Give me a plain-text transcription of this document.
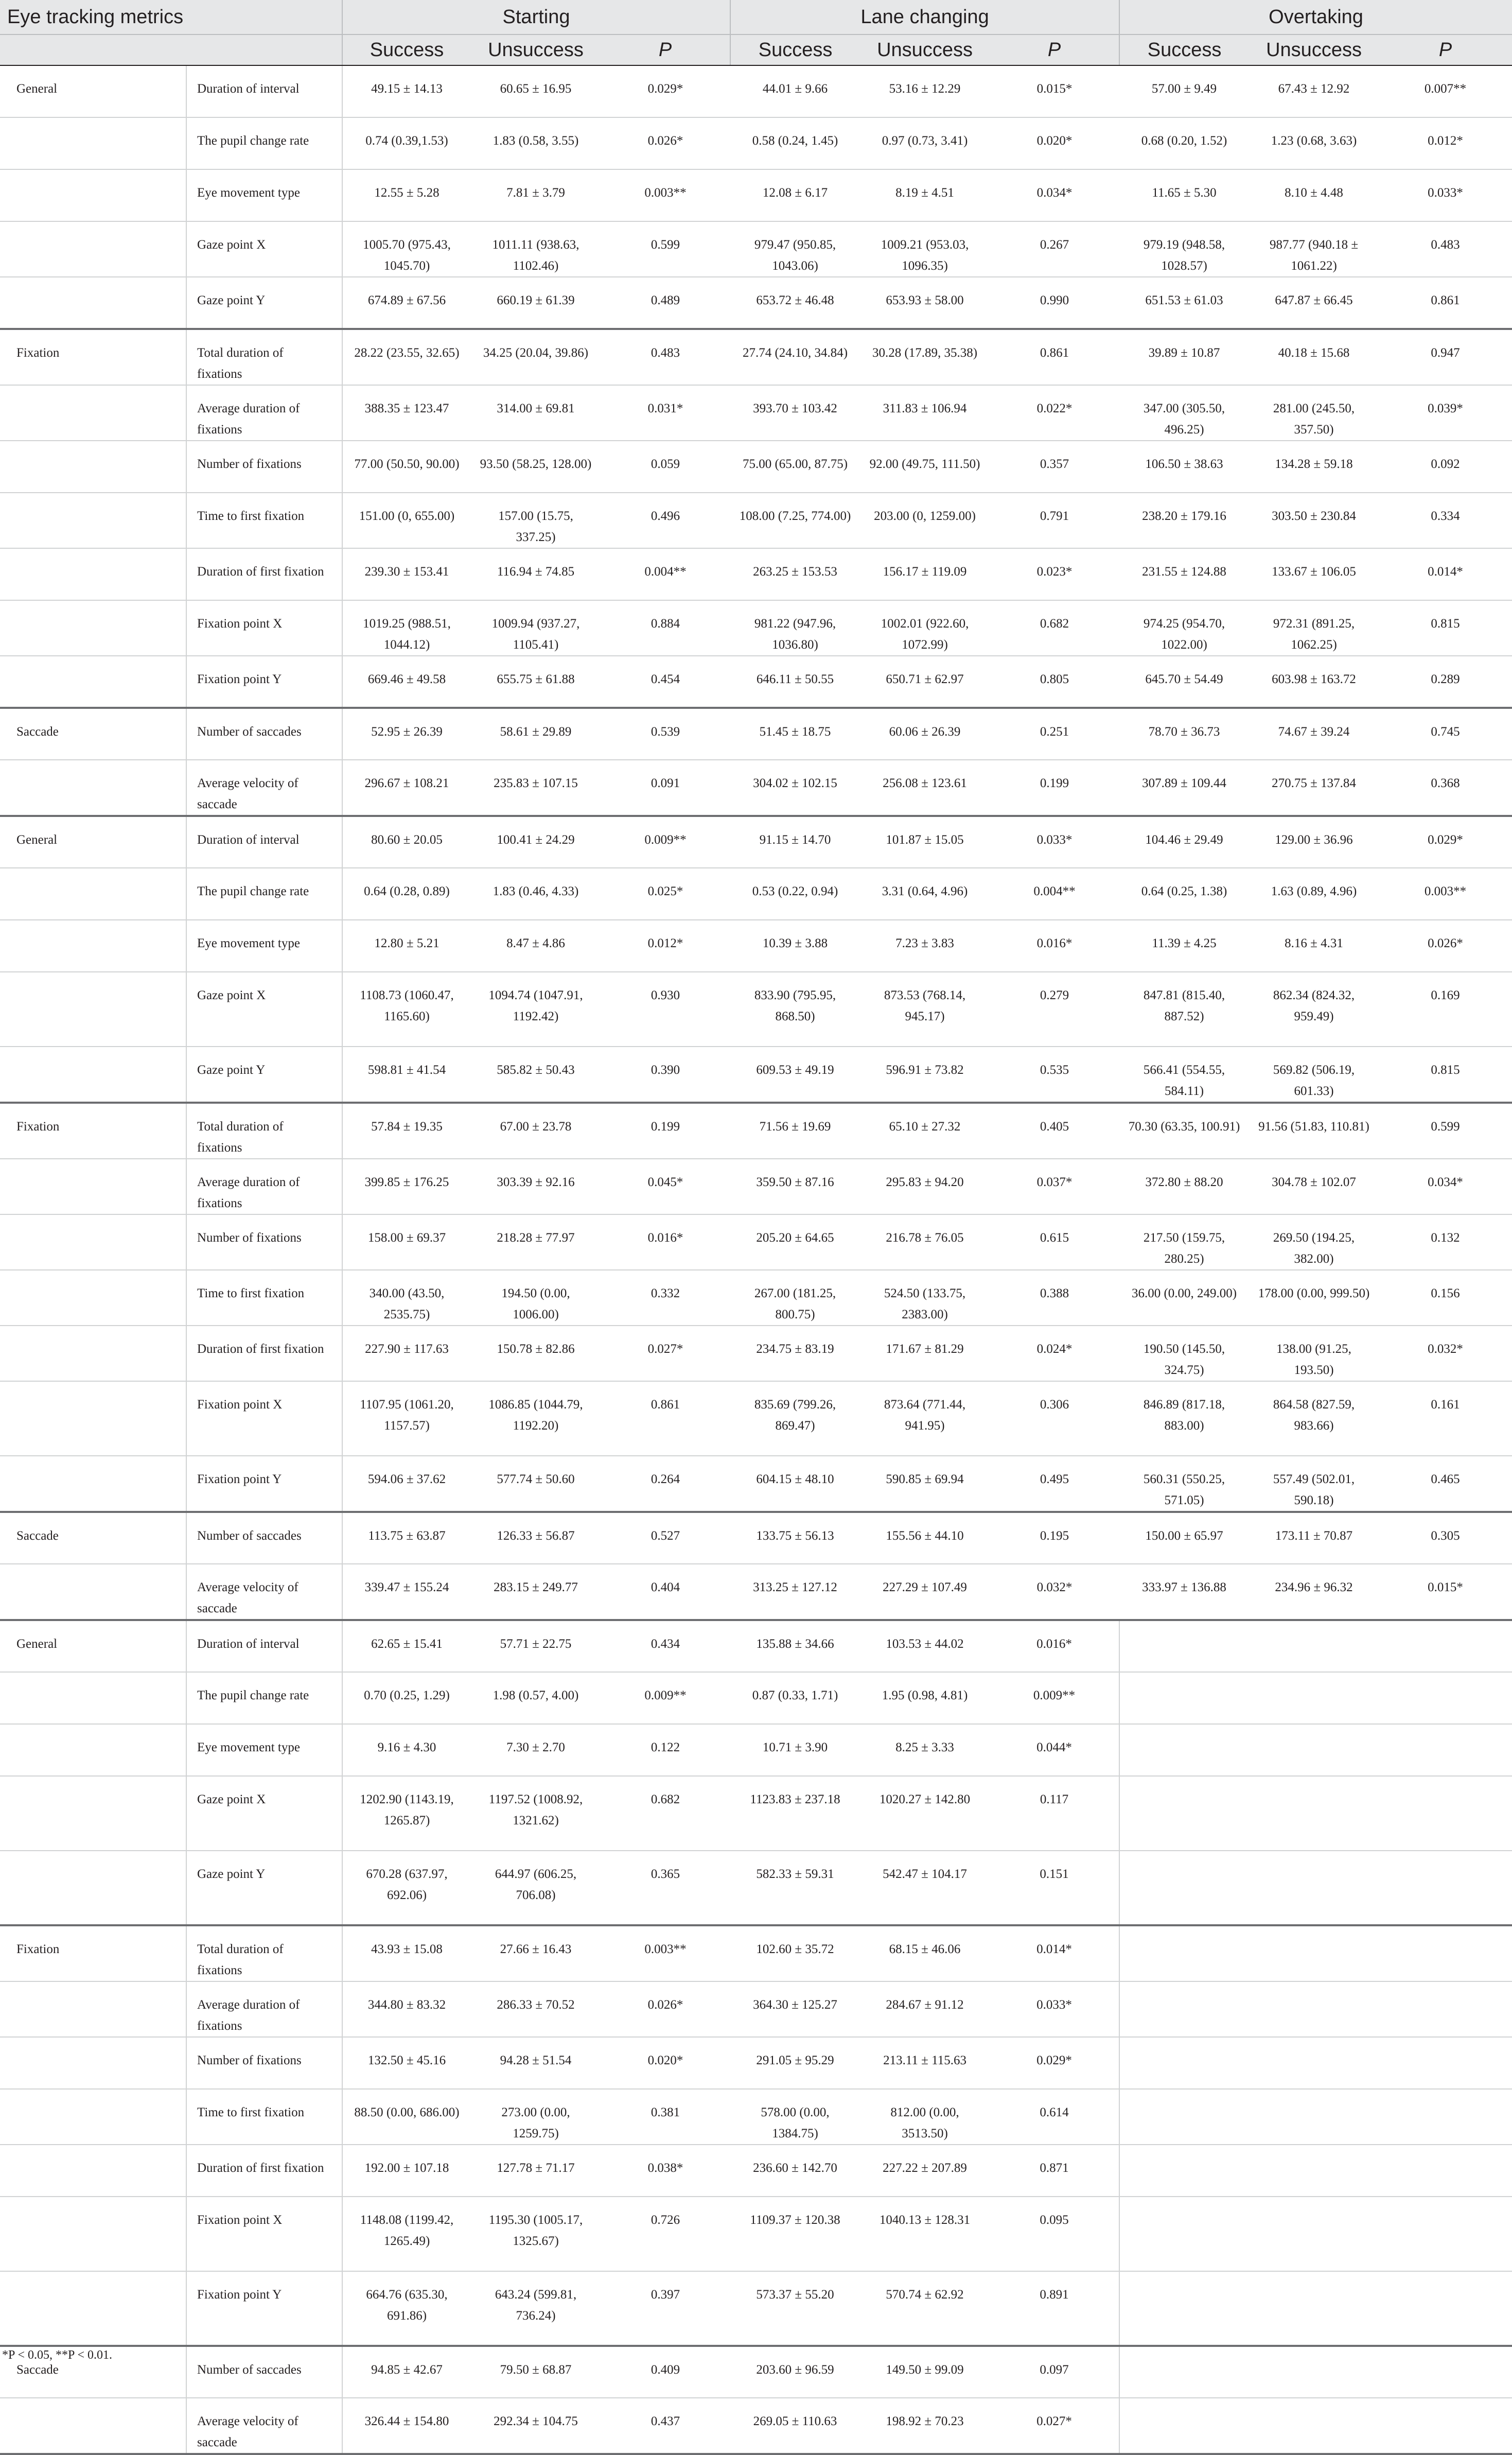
Eye tracking metrics		Starting			Lane changing			Overtaking		
		Success	Unsuccess	P	Success	Unsuccess	P	Success	Unsuccess	P
General	Duration of interval	49.15 ± 14.13	60.65 ± 16.95	0.029*	44.01 ± 9.66	53.16 ± 12.29	0.015*	57.00 ± 9.49	67.43 ± 12.92	0.007**
	The pupil change rate	0.74 (0.39,1.53)	1.83 (0.58, 3.55)	0.026*	0.58 (0.24, 1.45)	0.97 (0.73, 3.41)	0.020*	0.68 (0.20, 1.52)	1.23 (0.68, 3.63)	0.012*
	Eye movement type	12.55 ± 5.28	7.81 ± 3.79	0.003**	12.08 ± 6.17	8.19 ± 4.51	0.034*	11.65 ± 5.30	8.10 ± 4.48	0.033*
	Gaze point X	1005.70 (975.43, 1045.70)	1011.11 (938.63, 1102.46)	0.599	979.47 (950.85, 1043.06)	1009.21 (953.03, 1096.35)	0.267	979.19 (948.58, 1028.57)	987.77 (940.18 ± 1061.22)	0.483
	Gaze point Y	674.89 ± 67.56	660.19 ± 61.39	0.489	653.72 ± 46.48	653.93 ± 58.00	0.990	651.53 ± 61.03	647.87 ± 66.45	0.861
Fixation	Total duration of fixations	28.22 (23.55, 32.65)	34.25 (20.04, 39.86)	0.483	27.74 (24.10, 34.84)	30.28 (17.89, 35.38)	0.861	39.89 ± 10.87	40.18 ± 15.68	0.947
	Average duration of fixations	388.35 ± 123.47	314.00 ± 69.81	0.031*	393.70 ± 103.42	311.83 ± 106.94	0.022*	347.00 (305.50, 496.25)	281.00 (245.50, 357.50)	0.039*
	Number of fixations	77.00 (50.50, 90.00)	93.50 (58.25, 128.00)	0.059	75.00 (65.00, 87.75)	92.00 (49.75, 111.50)	0.357	106.50 ± 38.63	134.28 ± 59.18	0.092
	Time to first fixation	151.00 (0, 655.00)	157.00 (15.75, 337.25)	0.496	108.00 (7.25, 774.00)	203.00 (0, 1259.00)	0.791	238.20 ± 179.16	303.50 ± 230.84	0.334
	Duration of first fixation	239.30 ± 153.41	116.94 ± 74.85	0.004**	263.25 ± 153.53	156.17 ± 119.09	0.023*	231.55 ± 124.88	133.67 ± 106.05	0.014*
	Fixation point X	1019.25 (988.51, 1044.12)	1009.94 (937.27, 1105.41)	0.884	981.22 (947.96, 1036.80)	1002.01 (922.60, 1072.99)	0.682	974.25 (954.70, 1022.00)	972.31 (891.25, 1062.25)	0.815
	Fixation point Y	669.46 ± 49.58	655.75 ± 61.88	0.454	646.11 ± 50.55	650.71 ± 62.97	0.805	645.70 ± 54.49	603.98 ± 163.72	0.289
Saccade	Number of saccades	52.95 ± 26.39	58.61 ± 29.89	0.539	51.45 ± 18.75	60.06 ± 26.39	0.251	78.70 ± 36.73	74.67 ± 39.24	0.745
	Average velocity of saccade	296.67 ± 108.21	235.83 ± 107.15	0.091	304.02 ± 102.15	256.08 ± 123.61	0.199	307.89 ± 109.44	270.75 ± 137.84	0.368
General	Duration of interval	80.60 ± 20.05	100.41 ± 24.29	0.009**	91.15 ± 14.70	101.87 ± 15.05	0.033*	104.46 ± 29.49	129.00 ± 36.96	0.029*
	The pupil change rate	0.64 (0.28, 0.89)	1.83 (0.46, 4.33)	0.025*	0.53 (0.22, 0.94)	3.31 (0.64, 4.96)	0.004**	0.64 (0.25, 1.38)	1.63 (0.89, 4.96)	0.003**
	Eye movement type	12.80 ± 5.21	8.47 ± 4.86	0.012*	10.39 ± 3.88	7.23 ± 3.83	0.016*	11.39 ± 4.25	8.16 ± 4.31	0.026*
	Gaze point X	1108.73 (1060.47, 1165.60)	1094.74 (1047.91, 1192.42)	0.930	833.90 (795.95, 868.50)	873.53 (768.14, 945.17)	0.279	847.81 (815.40, 887.52)	862.34 (824.32, 959.49)	0.169
	Gaze point Y	598.81 ± 41.54	585.82 ± 50.43	0.390	609.53 ± 49.19	596.91 ± 73.82	0.535	566.41 (554.55, 584.11)	569.82 (506.19, 601.33)	0.815
Fixation	Total duration of fixations	57.84 ± 19.35	67.00 ± 23.78	0.199	71.56 ± 19.69	65.10 ± 27.32	0.405	70.30 (63.35, 100.91)	91.56 (51.83, 110.81)	0.599
	Average duration of fixations	399.85 ± 176.25	303.39 ± 92.16	0.045*	359.50 ± 87.16	295.83 ± 94.20	0.037*	372.80 ± 88.20	304.78 ± 102.07	0.034*
	Number of fixations	158.00 ± 69.37	218.28 ± 77.97	0.016*	205.20 ± 64.65	216.78 ± 76.05	0.615	217.50 (159.75, 280.25)	269.50 (194.25, 382.00)	0.132
	Time to first fixation	340.00 (43.50, 2535.75)	194.50 (0.00, 1006.00)	0.332	267.00 (181.25, 800.75)	524.50 (133.75, 2383.00)	0.388	36.00 (0.00, 249.00)	178.00 (0.00, 999.50)	0.156
	Duration of first fixation	227.90 ± 117.63	150.78 ± 82.86	0.027*	234.75 ± 83.19	171.67 ± 81.29	0.024*	190.50 (145.50, 324.75)	138.00 (91.25, 193.50)	0.032*
	Fixation point X	1107.95 (1061.20, 1157.57)	1086.85 (1044.79, 1192.20)	0.861	835.69 (799.26, 869.47)	873.64 (771.44, 941.95)	0.306	846.89 (817.18, 883.00)	864.58 (827.59, 983.66)	0.161
	Fixation point Y	594.06 ± 37.62	577.74 ± 50.60	0.264	604.15 ± 48.10	590.85 ± 69.94	0.495	560.31 (550.25, 571.05)	557.49 (502.01, 590.18)	0.465
Saccade	Number of saccades	113.75 ± 63.87	126.33 ± 56.87	0.527	133.75 ± 56.13	155.56 ± 44.10	0.195	150.00 ± 65.97	173.11 ± 70.87	0.305
	Average velocity of saccade	339.47 ± 155.24	283.15 ± 249.77	0.404	313.25 ± 127.12	227.29 ± 107.49	0.032*	333.97 ± 136.88	234.96 ± 96.32	0.015*
General	Duration of interval	62.65 ± 15.41	57.71 ± 22.75	0.434	135.88 ± 34.66	103.53 ± 44.02	0.016*			
	The pupil change rate	0.70 (0.25, 1.29)	1.98 (0.57, 4.00)	0.009**	0.87 (0.33, 1.71)	1.95 (0.98, 4.81)	0.009**			
	Eye movement type	9.16 ± 4.30	7.30 ± 2.70	0.122	10.71 ± 3.90	8.25 ± 3.33	0.044*			
	Gaze point X	1202.90 (1143.19, 1265.87)	1197.52 (1008.92, 1321.62)	0.682	1123.83 ± 237.18	1020.27 ± 142.80	0.117			
	Gaze point Y	670.28 (637.97, 692.06)	644.97 (606.25, 706.08)	0.365	582.33 ± 59.31	542.47 ± 104.17	0.151			
Fixation	Total duration of fixations	43.93 ± 15.08	27.66 ± 16.43	0.003**	102.60 ± 35.72	68.15 ± 46.06	0.014*			
	Average duration of fixations	344.80 ± 83.32	286.33 ± 70.52	0.026*	364.30 ± 125.27	284.67 ± 91.12	0.033*			
	Number of fixations	132.50 ± 45.16	94.28 ± 51.54	0.020*	291.05 ± 95.29	213.11 ± 115.63	0.029*			
	Time to first fixation	88.50 (0.00, 686.00)	273.00 (0.00, 1259.75)	0.381	578.00 (0.00, 1384.75)	812.00 (0.00, 3513.50)	0.614			
	Duration of first fixation	192.00 ± 107.18	127.78 ± 71.17	0.038*	236.60 ± 142.70	227.22 ± 207.89	0.871			
	Fixation point X	1148.08 (1199.42, 1265.49)	1195.30 (1005.17, 1325.67)	0.726	1109.37 ± 120.38	1040.13 ± 128.31	0.095			
	Fixation point Y	664.76 (635.30, 691.86)	643.24 (599.81, 736.24)	0.397	573.37 ± 55.20	570.74 ± 62.92	0.891			
Saccade	Number of saccades	94.85 ± 42.67	79.50 ± 68.87	0.409	203.60 ± 96.59	149.50 ± 99.09	0.097			
	Average velocity of saccade	326.44 ± 154.80	292.34 ± 104.75	0.437	269.05 ± 110.63	198.92 ± 70.23	0.027*			
*P < 0.05, **P < 0.01.
